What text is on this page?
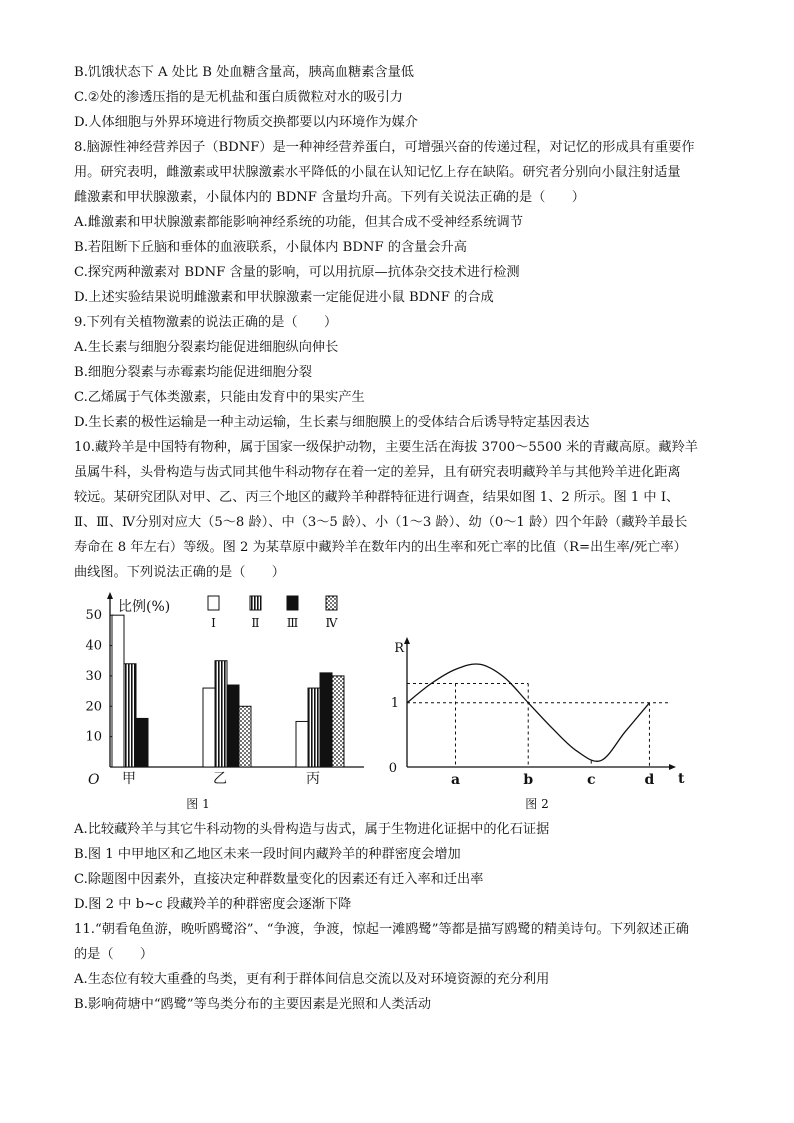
B.饥饿状态下 A 处比 B 处血糖含量高，胰高血糖素含量低
C.②处的渗透压指的是无机盐和蛋白质微粒对水的吸引力
D.人体细胞与外界环境进行物质交换都要以内环境作为媒介
8.脑源性神经营养因子（BDNF）是一种神经营养蛋白，可增强兴奋的传递过程，对记忆的形成具有重要作
用。研究表明，雌激素或甲状腺激素水平降低的小鼠在认知记忆上存在缺陷。研究者分别向小鼠注射适量
雌激素和甲状腺激素，小鼠体内的 BDNF 含量均升高。下列有关说法正确的是（　　）
A.雌激素和甲状腺激素都能影响神经系统的功能，但其合成不受神经系统调节
B.若阻断下丘脑和垂体的血液联系，小鼠体内 BDNF 的含量会升高
C.探究两种激素对 BDNF 含量的影响，可以用抗原—抗体杂交技术进行检测
D.上述实验结果说明雌激素和甲状腺激素一定能促进小鼠 BDNF 的合成
9.下列有关植物激素的说法正确的是（　　）
A.生长素与细胞分裂素均能促进细胞纵向伸长
B.细胞分裂素与赤霉素均能促进细胞分裂
C.乙烯属于气体类激素，只能由发育中的果实产生
D.生长素的极性运输是一种主动运输，生长素与细胞膜上的受体结合后诱导特定基因表达
10.藏羚羊是中国特有物种，属于国家一级保护动物，主要生活在海拔 3700～5500 米的青藏高原。藏羚羊
虽属牛科，头骨构造与齿式同其他牛科动物存在着一定的差异，且有研究表明藏羚羊与其他羚羊进化距离
较远。某研究团队对甲、乙、丙三个地区的藏羚羊种群特征进行调查，结果如图 1、2 所示。图 1 中 I、
Ⅱ、Ⅲ、Ⅳ分别对应大（5～8 龄）、中（3～5 龄）、小（1～3 龄）、幼（0～1 龄）四个年龄（藏羚羊最长
寿命在 8 年左右）等级。图 2 为某草原中藏羚羊在数年内的出生率和死亡率的比值（R=出生率/死亡率）
曲线图。下列说法正确的是（　　）
比例(%)
O
10
20
30
40
50
甲	乙	丙
I	Ⅱ Ⅲ Ⅳ
图 1
R
t
0
1
a	b	c	d
图 2
A.比较藏羚羊与其它牛科动物的头骨构造与齿式，属于生物进化证据中的化石证据
B.图 1 中甲地区和乙地区未来一段时间内藏羚羊的种群密度会增加
C.除题图中因素外，直接决定种群数量变化的因素还有迁入率和迁出率
D.图 2 中 b~c 段藏羚羊的种群密度会逐渐下降
11.“朝看龟鱼游，晚听鸥鹭浴”、“争渡，争渡，惊起一滩鸥鹭”等都是描写鸥鹭的精美诗句。下列叙述正确
的是（　　）
A.生态位有较大重叠的鸟类，更有利于群体间信息交流以及对环境资源的充分利用
B.影响荷塘中“鸥鹭”等鸟类分布的主要因素是光照和人类活动
